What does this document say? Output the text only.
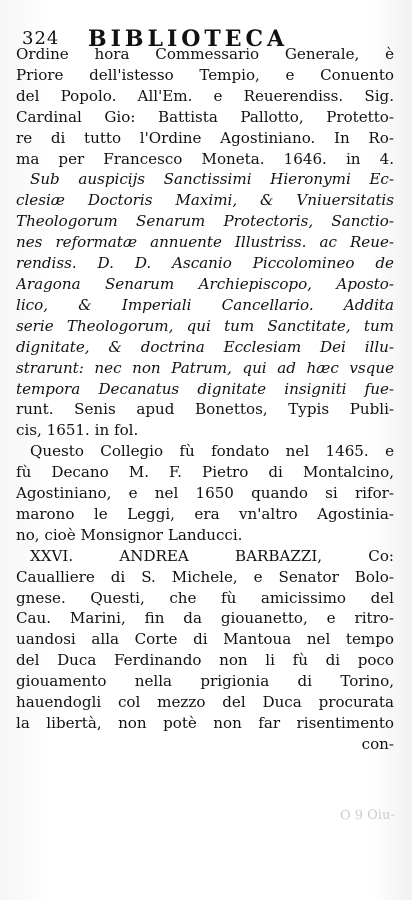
324 BIBLIOTECA
Ordine hora Commessario Generale, è
Priore dell'istesso Tempio, e Conuento
del Popolo. All'Em. e Reuerendiss. Sig.
Cardinal Gio: Battista Pallotto, Protetto-
re di tutto l'Ordine Agostiniano. In Ro-
ma per Francesco Moneta. 1646. in 4.
Sub auspicijs Sanctissimi Hieronymi Ec-
clesiæ Doctoris Maximi, & Vniuersitatis
Theologorum Senarum Protectoris, Sanctio-
nes reformatæ annuente Illustriss. ac Reue-
rendiss. D. D. Ascanio Piccolomineo de
Aragona Senarum Archiepiscopo, Aposto-
lico, & Imperiali Cancellario. Addita
serie Theologorum, qui tum Sanctitate, tum
dignitate, & doctrina Ecclesiam Dei illu-
strarunt: nec non Patrum, qui ad hæc vsque
tempora Decanatus dignitate insigniti fue-
runt. Senis apud Bonettos, Typis Publi-
cis, 1651. in fol.
Questo Collegio fù fondato nel 1465. e
fù Decano M. F. Pietro di Montalcino,
Agostiniano, e nel 1650 quando si rifor-
marono le Leggi, era vn'altro Agostinia-
no, cioè Monsignor Landucci.
XXVI. ANDREA BARBAZZI, Co:
Caualliere di S. Michele, e Senator Bolo-
gnese. Questi, che fù amicissimo del
Cau. Marini, fin da giouanetto, e ritro-
uandosi alla Corte di Mantoua nel tempo
del Duca Ferdinando non li fù di poco
giouamento nella prigionia di Torino,
hauendogli col mezzo del Duca procurata
la libertà, non potè non far risentimento
con-
O 9 Oiu-
